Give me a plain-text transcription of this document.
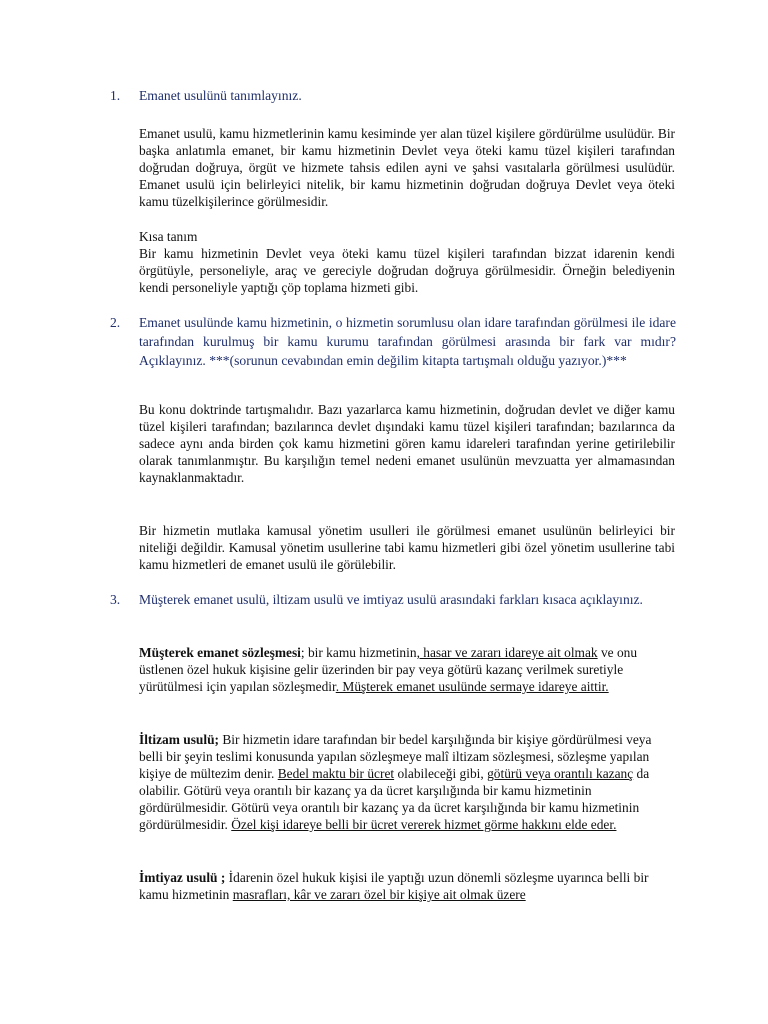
1. Emanet usulünü tanımlayınız.

Emanet usulü, kamu hizmetlerinin kamu kesiminde yer alan tüzel kişilere gördürülme usulüdür. Bir başka anlatımla emanet, bir kamu hizmetinin Devlet veya öteki kamu tüzel kişileri tarafından doğrudan doğruya, örgüt ve hizmete tahsis edilen ayni ve şahsi vasıtalarla görülmesi usulüdür. Emanet usulü için belirleyici nitelik, bir kamu hizmetinin doğrudan doğruya Devlet veya öteki kamu tüzelkişilerince görülmesidir.

Kısa tanım

Bir kamu hizmetinin Devlet veya öteki kamu tüzel kişileri tarafından bizzat idarenin kendi örgütüyle, personeliyle, araç ve gereciyle doğrudan doğruya görülmesidir. Örneğin belediyenin kendi personeliyle yaptığı çöp toplama hizmeti gibi.

2. Emanet usulünde kamu hizmetinin, o hizmetin sorumlusu olan idare tarafından görülmesi ile idare tarafından kurulmuş bir kamu kurumu tarafından görülmesi arasında bir fark var mıdır? Açıklayınız. ***(sorunun cevabından emin değilim kitapta tartışmalı olduğu yazıyor.)***

Bu konu doktrinde tartışmalıdır. Bazı yazarlarca kamu hizmetinin, doğrudan devlet ve diğer kamu tüzel kişileri tarafından; bazılarınca devlet dışındaki kamu tüzel kişileri tarafından; bazılarınca da sadece aynı anda birden çok kamu hizmetini gören kamu idareleri tarafından yerine getirilebilir olarak tanımlanmıştır. Bu karşılığın temel nedeni emanet usulünün mevzuatta yer almamasından kaynaklanmaktadır.

Bir hizmetin mutlaka kamusal yönetim usulleri ile görülmesi emanet usulünün belirleyici bir niteliği değildir. Kamusal yönetim usullerine tabi kamu hizmetleri gibi özel yönetim usullerine tabi kamu hizmetleri de emanet usulü ile görülebilir.

3. Müşterek emanet usulü, iltizam usulü ve imtiyaz usulü arasındaki farkları kısaca açıklayınız.

Müşterek emanet sözleşmesi; bir kamu hizmetinin, hasar ve zararı idareye ait olmak ve onu üstlenen özel hukuk kişisine gelir üzerinden bir pay veya götürü kazanç verilmek suretiyle yürütülmesi için yapılan sözleşmedir. Müşterek emanet usulünde sermaye idareye aittir.

İltizam usulü; Bir hizmetin idare tarafından bir bedel karşılığında bir kişiye gördürülmesi veya belli bir şeyin teslimi konusunda yapılan sözleşmeye malî iltizam sözleşmesi, sözleşme yapılan kişiye de mültezim denir. Bedel maktu bir ücret olabileceği gibi, götürü veya orantılı kazanç da olabilir. Götürü veya orantılı bir kazanç ya da ücret karşılığında bir kamu hizmetinin gördürülmesidir. Götürü veya orantılı bir kazanç ya da ücret karşılığında bir kamu hizmetinin gördürülmesidir. Özel kişi idareye belli bir ücret vererek hizmet görme hakkını elde eder.

İmtiyaz usulü ; İdarenin özel hukuk kişisi ile yaptığı uzun dönemli sözleşme uyarınca belli bir kamu hizmetinin masrafları, kâr ve zararı özel bir kişiye ait olmak üzere
